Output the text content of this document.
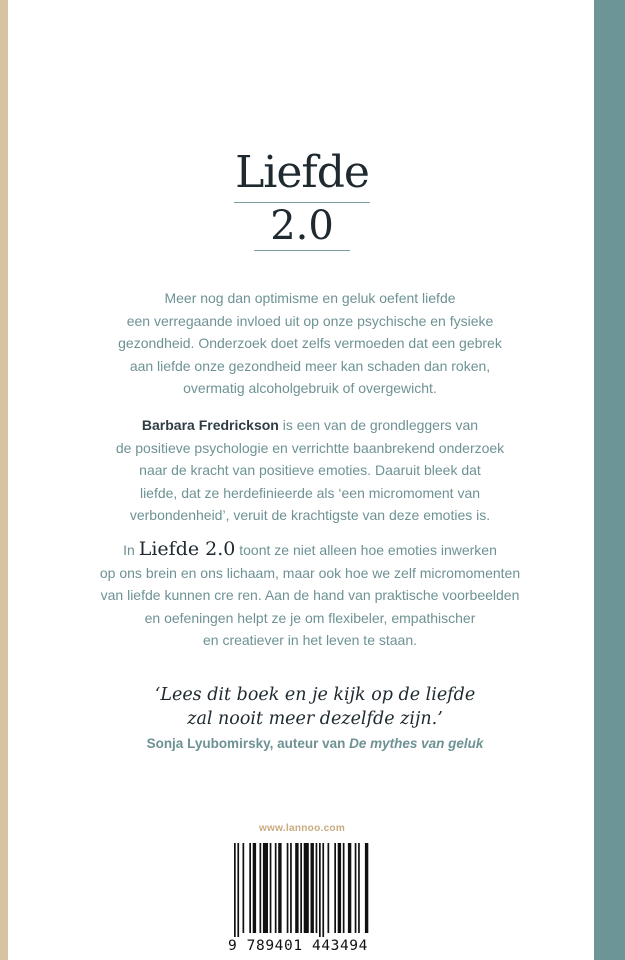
Liefde
2.0
Meer nog dan optimisme en geluk oefent liefde
een verregaande invloed uit op onze psychische en fysieke
gezondheid. Onderzoek doet zelfs vermoeden dat een gebrek
aan liefde onze gezondheid meer kan schaden dan roken,
overmatig alcoholgebruik of overgewicht.
Barbara Fredrickson is een van de grondleggers van
de positieve psychologie en verrichtte baanbrekend onderzoek
naar de kracht van positieve emoties. Daaruit bleek dat
liefde, dat ze herdefinieerde als ‘een micromoment van
verbondenheid’, veruit de krachtigste van deze emoties is.
In Liefde 2.0 toont ze niet alleen hoe emoties inwerken
op ons brein en ons lichaam, maar ook hoe we zelf micromomenten
van liefde kunnen cre ren. Aan de hand van praktische voorbeelden
en oefeningen helpt ze je om flexibeler, empathischer
en creatiever in het leven te staan.
‘Lees dit boek en je kijk op de liefde
zal nooit meer dezelfde zijn.’
Sonja Lyubomirsky, auteur van De mythes van geluk
www.lannoo.com
9 789401 443494
